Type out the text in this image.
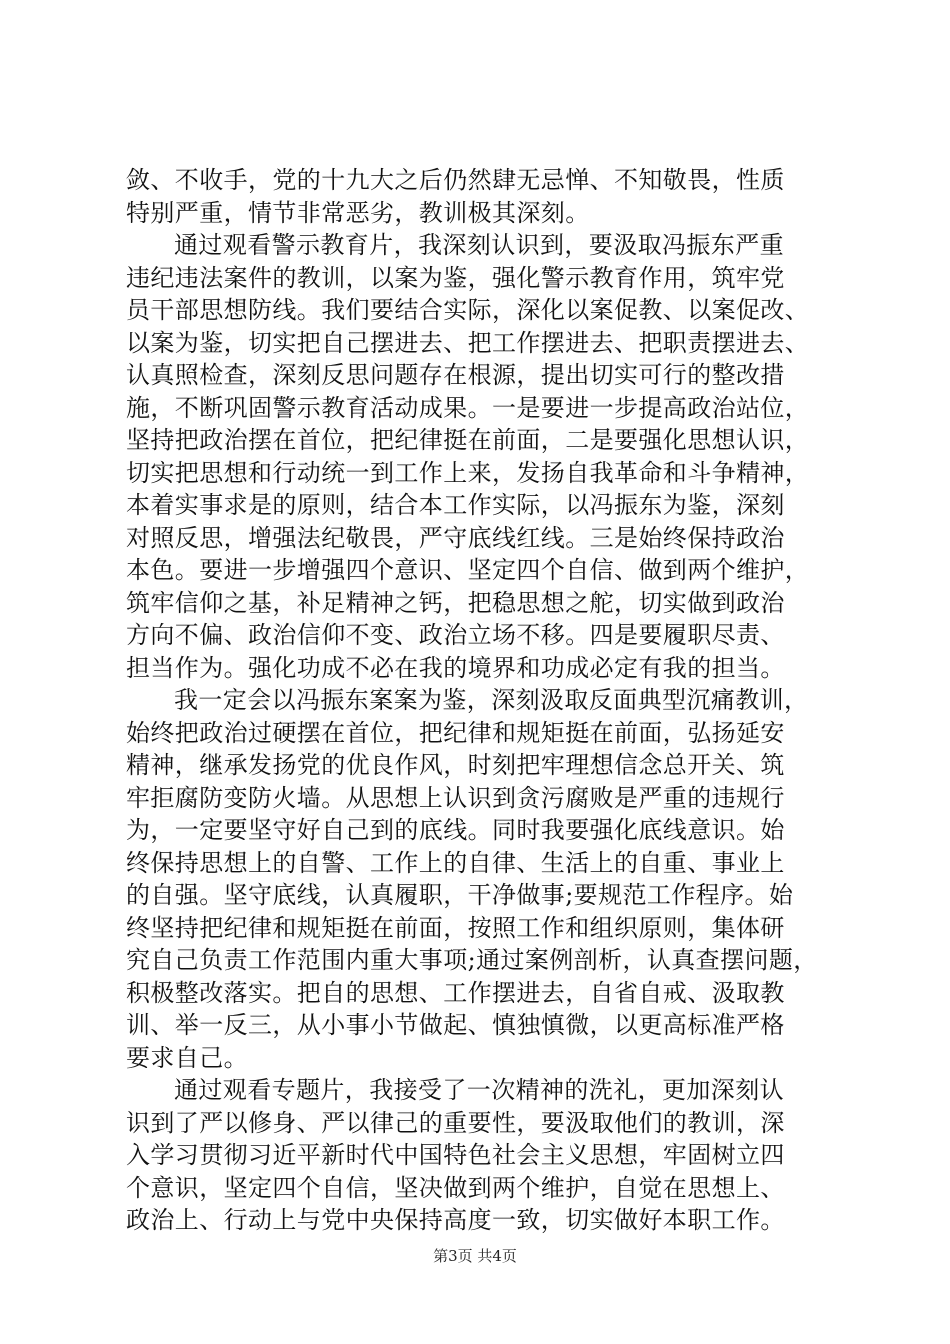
敛、不收手，党的十九大之后仍然肆无忌惮、不知敬畏，性质
特别严重，情节非常恶劣，教训极其深刻。
通过观看警示教育片，我深刻认识到，要汲取冯振东严重
违纪违法案件的教训，以案为鉴，强化警示教育作用，筑牢党
员干部思想防线。我们要结合实际，深化以案促教、以案促改、
以案为鉴，切实把自己摆进去、把工作摆进去、把职责摆进去、
认真照检查，深刻反思问题存在根源，提出切实可行的整改措
施，不断巩固警示教育活动成果。一是要进一步提高政治站位，
坚持把政治摆在首位，把纪律挺在前面，二是要强化思想认识，
切实把思想和行动统一到工作上来，发扬自我革命和斗争精神，
本着实事求是的原则，结合本工作实际，以冯振东为鉴，深刻
对照反思，增强法纪敬畏，严守底线红线。三是始终保持政治
本色。要进一步增强四个意识、坚定四个自信、做到两个维护，
筑牢信仰之基，补足精神之钙，把稳思想之舵，切实做到政治
方向不偏、政治信仰不变、政治立场不移。四是要履职尽责、
担当作为。强化功成不必在我的境界和功成必定有我的担当。
我一定会以冯振东案案为鉴，深刻汲取反面典型沉痛教训，
始终把政治过硬摆在首位，把纪律和规矩挺在前面，弘扬延安
精神，继承发扬党的优良作风，时刻把牢理想信念总开关、筑
牢拒腐防变防火墙。从思想上认识到贪污腐败是严重的违规行
为，一定要坚守好自己到的底线。同时我要强化底线意识。始
终保持思想上的自警、工作上的自律、生活上的自重、事业上
的自强。坚守底线，认真履职，干净做事;要规范工作程序。始
终坚持把纪律和规矩挺在前面，按照工作和组织原则，集体研
究自己负责工作范围内重大事项;通过案例剖析，认真查摆问题，
积极整改落实。把自的思想、工作摆进去，自省自戒、汲取教
训、举一反三，从小事小节做起、慎独慎微，以更高标准严格
要求自己。
通过观看专题片，我接受了一次精神的洗礼，更加深刻认
识到了严以修身、严以律己的重要性，要汲取他们的教训，深
入学习贯彻习近平新时代中国特色社会主义思想，牢固树立四
个意识，坚定四个自信，坚决做到两个维护，自觉在思想上、
政治上、行动上与党中央保持高度一致，切实做好本职工作。
第3页 共4页
